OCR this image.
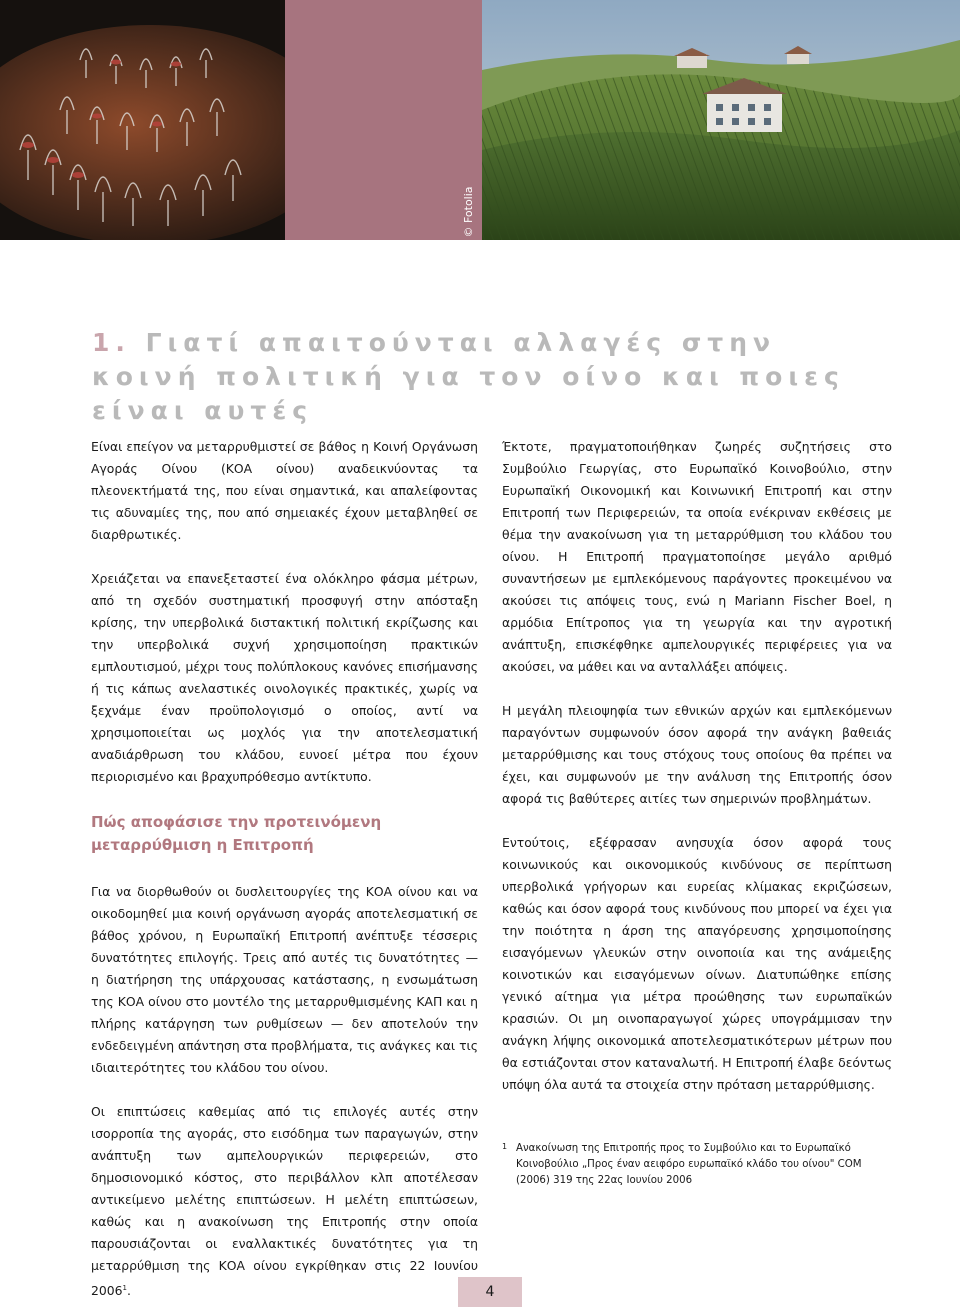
© Fotolia
1. Γιατί απαιτούνται αλλαγές στην κοινή πολιτική για τον οίνο και ποιες είναι αυτές

Είναι επείγον να μεταρρυθμιστεί σε βάθος η Κοινή Οργάνωση Αγοράς Οίνου (ΚΟΑ οίνου) αναδεικνύοντας τα πλεονεκτήματά της, που είναι σημαντικά, και απαλείφοντας τις αδυναμίες της, που από σημειακές έχουν μεταβληθεί σε διαρθρωτικές.

Χρειάζεται να επανεξεταστεί ένα ολόκληρο φάσμα μέτρων, από τη σχεδόν συστηματική προσφυγή στην απόσταξη κρίσης, την υπερβολικά διστακτική πολιτική εκρίζωσης και την υπερβολικά συχνή χρησιμοποίηση πρακτικών εμπλουτισμού, μέχρι τους πολύπλοκους κανόνες επισήμανσης ή τις κάπως ανελαστικές οινολογικές πρακτικές, χωρίς να ξεχνάμε έναν προϋπολογισμό ο οποίος, αντί να χρησιμοποιείται ως μοχλός για την αποτελεσματική αναδιάρθρωση του κλάδου, ευνοεί μέτρα που έχουν περιορισμένο και βραχυπρόθεσμο αντίκτυπο.

Πώς αποφάσισε την προτεινόμενη μεταρρύθμιση η Επιτροπή

Για να διορθωθούν οι δυσλειτουργίες της ΚΟΑ οίνου και να οικοδομηθεί μια κοινή οργάνωση αγοράς αποτελεσματική σε βάθος χρόνου, η Ευρωπαϊκή Επιτροπή ανέπτυξε τέσσερις δυνατότητες επιλογής. Τρεις από αυτές τις δυνατότητες — η διατήρηση της υπάρχουσας κατάστασης, η ενσωμάτωση της ΚΟΑ οίνου στο μοντέλο της μεταρρυθμισμένης ΚΑΠ και η πλήρης κατάργηση των ρυθμίσεων — δεν αποτελούν την ενδεδειγμένη απάντηση στα προβλήματα, τις ανάγκες και τις ιδιαιτερότητες του κλάδου του οίνου.

Οι επιπτώσεις καθεμίας από τις επιλογές αυτές στην ισορροπία της αγοράς, στο εισόδημα των παραγωγών, στην ανάπτυξη των αμπελουργικών περιφερειών, στο δημοσιονομικό κόστος, στο περιβάλλον κλπ αποτέλεσαν αντικείμενο μελέτης επιπτώσεων. Η μελέτη επιπτώσεων, καθώς και η ανακοίνωση της Επιτροπής στην οποία παρουσιάζονται οι εναλλακτικές δυνατότητες για τη μεταρρύθμιση της ΚΟΑ οίνου εγκρίθηκαν στις 22 Ιουνίου 2006$^1$.

Έκτοτε, πραγματοποιήθηκαν ζωηρές συζητήσεις στο Συμβούλιο Γεωργίας, στο Ευρωπαϊκό Κοινοβούλιο, στην Ευρωπαϊκή Οικονομική και Κοινωνική Επιτροπή και στην Επιτροπή των Περιφερειών, τα οποία ενέκριναν εκθέσεις με θέμα την ανακοίνωση για τη μεταρρύθμιση του κλάδου του οίνου. Η Επιτροπή πραγματοποίησε μεγάλο αριθμό συναντήσεων με εμπλεκόμενους παράγοντες προκειμένου να ακούσει τις απόψεις τους, ενώ η Mariann Fischer Boel, η αρμόδια Επίτροπος για τη γεωργία και την αγροτική ανάπτυξη, επισκέφθηκε αμπελουργικές περιφέρειες για να ακούσει, να μάθει και να ανταλλάξει απόψεις.

Η μεγάλη πλειοψηφία των εθνικών αρχών και εμπλεκόμενων παραγόντων συμφωνούν όσον αφορά την ανάγκη βαθειάς μεταρρύθμισης και τους στόχους τους οποίους θα πρέπει να έχει, και συμφωνούν με την ανάλυση της Επιτροπής όσον αφορά τις βαθύτερες αιτίες των σημερινών προβλημάτων.

Εντούτοις, εξέφρασαν ανησυχία όσον αφορά τους κοινωνικούς και οικονομικούς κινδύνους σε περίπτωση υπερβολικά γρήγορων και ευρείας κλίμακας εκριζώσεων, καθώς και όσον αφορά τους κινδύνους που μπορεί να έχει για την ποιότητα η άρση της απαγόρευσης χρησιμοποίησης εισαγόμενων γλευκών στην οινοποιία και της ανάμειξης κοινοτικών και εισαγόμενων οίνων. Διατυπώθηκε επίσης γενικό αίτημα για μέτρα προώθησης των ευρωπαϊκών κρασιών. Οι μη οινοπαραγωγοί χώρες υπογράμμισαν την ανάγκη λήψης οικονομικά αποτελεσματικότερων μέτρων που θα εστιάζονται στον καταναλωτή. Η Επιτροπή έλαβε δεόντως υπόψη όλα αυτά τα στοιχεία στην πρόταση μεταρρύθμισης.

1 Ανακοίνωση της Επιτροπής προς το Συμβούλιο και το Ευρωπαϊκό Κοινοβούλιο „Προς έναν αειφόρο ευρωπαϊκό κλάδο του οίνου" COM (2006) 319 της 22ας Ιουνίου 2006
4
